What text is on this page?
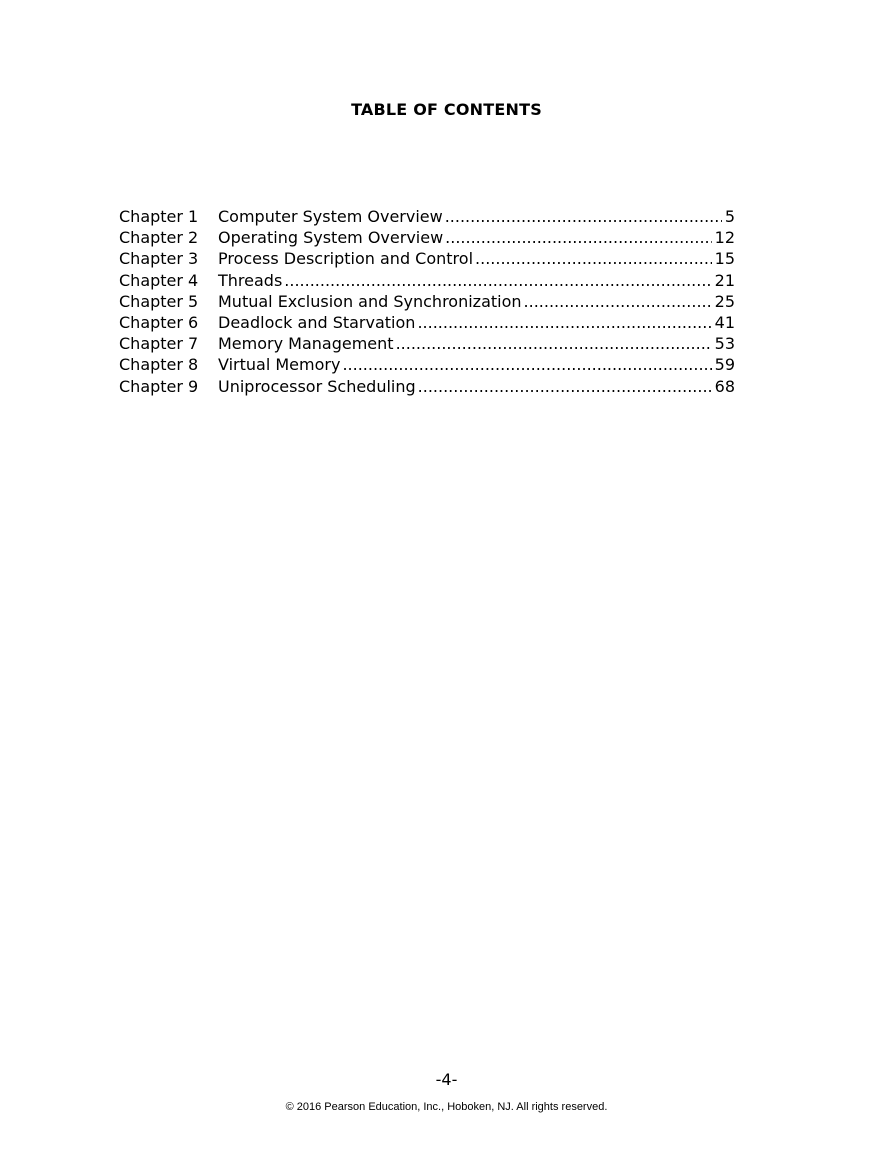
TABLE OF CONTENTS
Chapter 1	Computer System Overview .....	5
Chapter 2	Operating System Overview .....	12
Chapter 3	Process Description and Control .....	15
Chapter 4	Threads .....	21
Chapter 5	Mutual Exclusion and Synchronization .....	25
Chapter 6	Deadlock and Starvation .....	41
Chapter 7	Memory Management .....	53
Chapter 8	Virtual Memory .....	59
Chapter 9	Uniprocessor Scheduling .....	68
-4-
© 2016 Pearson Education, Inc., Hoboken, NJ. All rights reserved.
